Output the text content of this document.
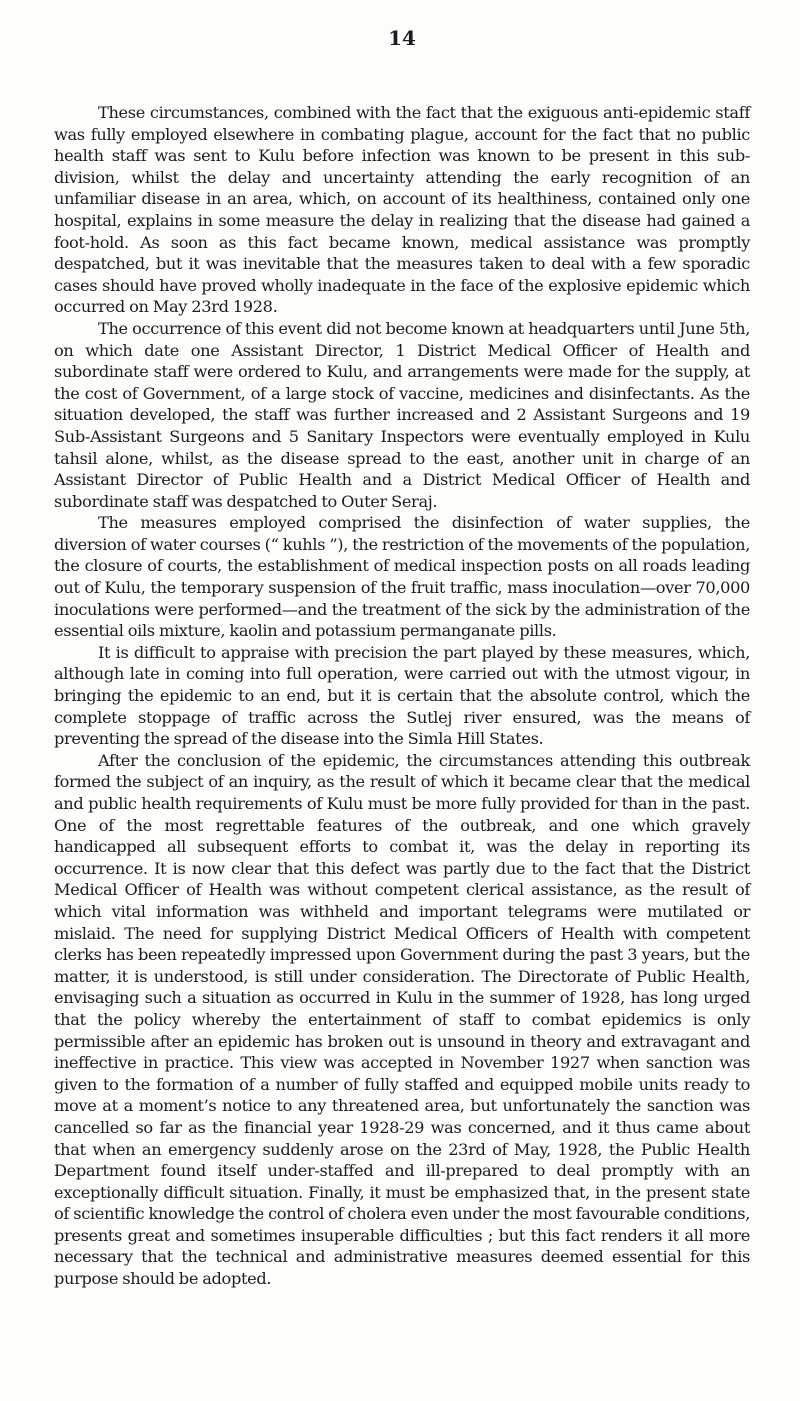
14

These circumstances, combined with the fact that the exiguous anti-epidemic staff was fully employed elsewhere in combating plague, account for the fact that no public health staff was sent to Kulu before infection was known to be present in this sub-division, whilst the delay and uncertainty attending the early recognition of an unfamiliar disease in an area, which, on account of its healthiness, contained only one hospital, explains in some measure the delay in realizing that the disease had gained a foot-hold. As soon as this fact became known, medical assistance was promptly despatched, but it was inevitable that the measures taken to deal with a few sporadic cases should have proved wholly inadequate in the face of the explosive epidemic which occurred on May 23rd 1928.

The occurrence of this event did not become known at headquarters until June 5th, on which date one Assistant Director, 1 District Medical Officer of Health and subordinate staff were ordered to Kulu, and arrangements were made for the supply, at the cost of Government, of a large stock of vaccine, medicines and disinfectants. As the situation developed, the staff was further increased and 2 Assistant Surgeons and 19 Sub-Assistant Surgeons and 5 Sanitary Inspectors were eventually employed in Kulu tahsil alone, whilst, as the disease spread to the east, another unit in charge of an Assistant Director of Public Health and a District Medical Officer of Health and subordinate staff was despatched to Outer Seraj.

The measures employed comprised the disinfection of water supplies, the diversion of water courses (“ kuhls ”), the restriction of the movements of the population, the closure of courts, the establishment of medical inspection posts on all roads leading out of Kulu, the temporary suspension of the fruit traffic, mass inoculation—over 70,000 inoculations were performed—and the treatment of the sick by the administration of the essential oils mixture, kaolin and potassium permanganate pills.

It is difficult to appraise with precision the part played by these measures, which, although late in coming into full operation, were carried out with the utmost vigour, in bringing the epidemic to an end, but it is certain that the absolute control, which the complete stoppage of traffic across the Sutlej river ensured, was the means of preventing the spread of the disease into the Simla Hill States.

After the conclusion of the epidemic, the circumstances attending this outbreak formed the subject of an inquiry, as the result of which it became clear that the medical and public health requirements of Kulu must be more fully provided for than in the past. One of the most regrettable features of the outbreak, and one which gravely handicapped all subsequent efforts to combat it, was the delay in reporting its occurrence. It is now clear that this defect was partly due to the fact that the District Medical Officer of Health was without competent clerical assistance, as the result of which vital information was withheld and important telegrams were mutilated or mislaid. The need for supplying District Medical Officers of Health with competent clerks has been repeatedly impressed upon Government during the past 3 years, but the matter, it is understood, is still under consideration. The Directorate of Public Health, envisaging such a situation as occurred in Kulu in the summer of 1928, has long urged that the policy whereby the entertainment of staff to combat epidemics is only permissible after an epidemic has broken out is unsound in theory and extravagant and ineffective in practice. This view was accepted in November 1927 when sanction was given to the formation of a number of fully staffed and equipped mobile units ready to move at a moment’s notice to any threatened area, but unfortunately the sanction was cancelled so far as the financial year 1928-29 was concerned, and it thus came about that when an emergency suddenly arose on the 23rd of May, 1928, the Public Health Department found itself under-staffed and ill-prepared to deal promptly with an exceptionally difficult situation. Finally, it must be emphasized that, in the present state of scientific knowledge the control of cholera even under the most favourable conditions, presents great and sometimes insuperable difficulties ; but this fact renders it all more necessary that the technical and administrative measures deemed essential for this purpose should be adopted.
